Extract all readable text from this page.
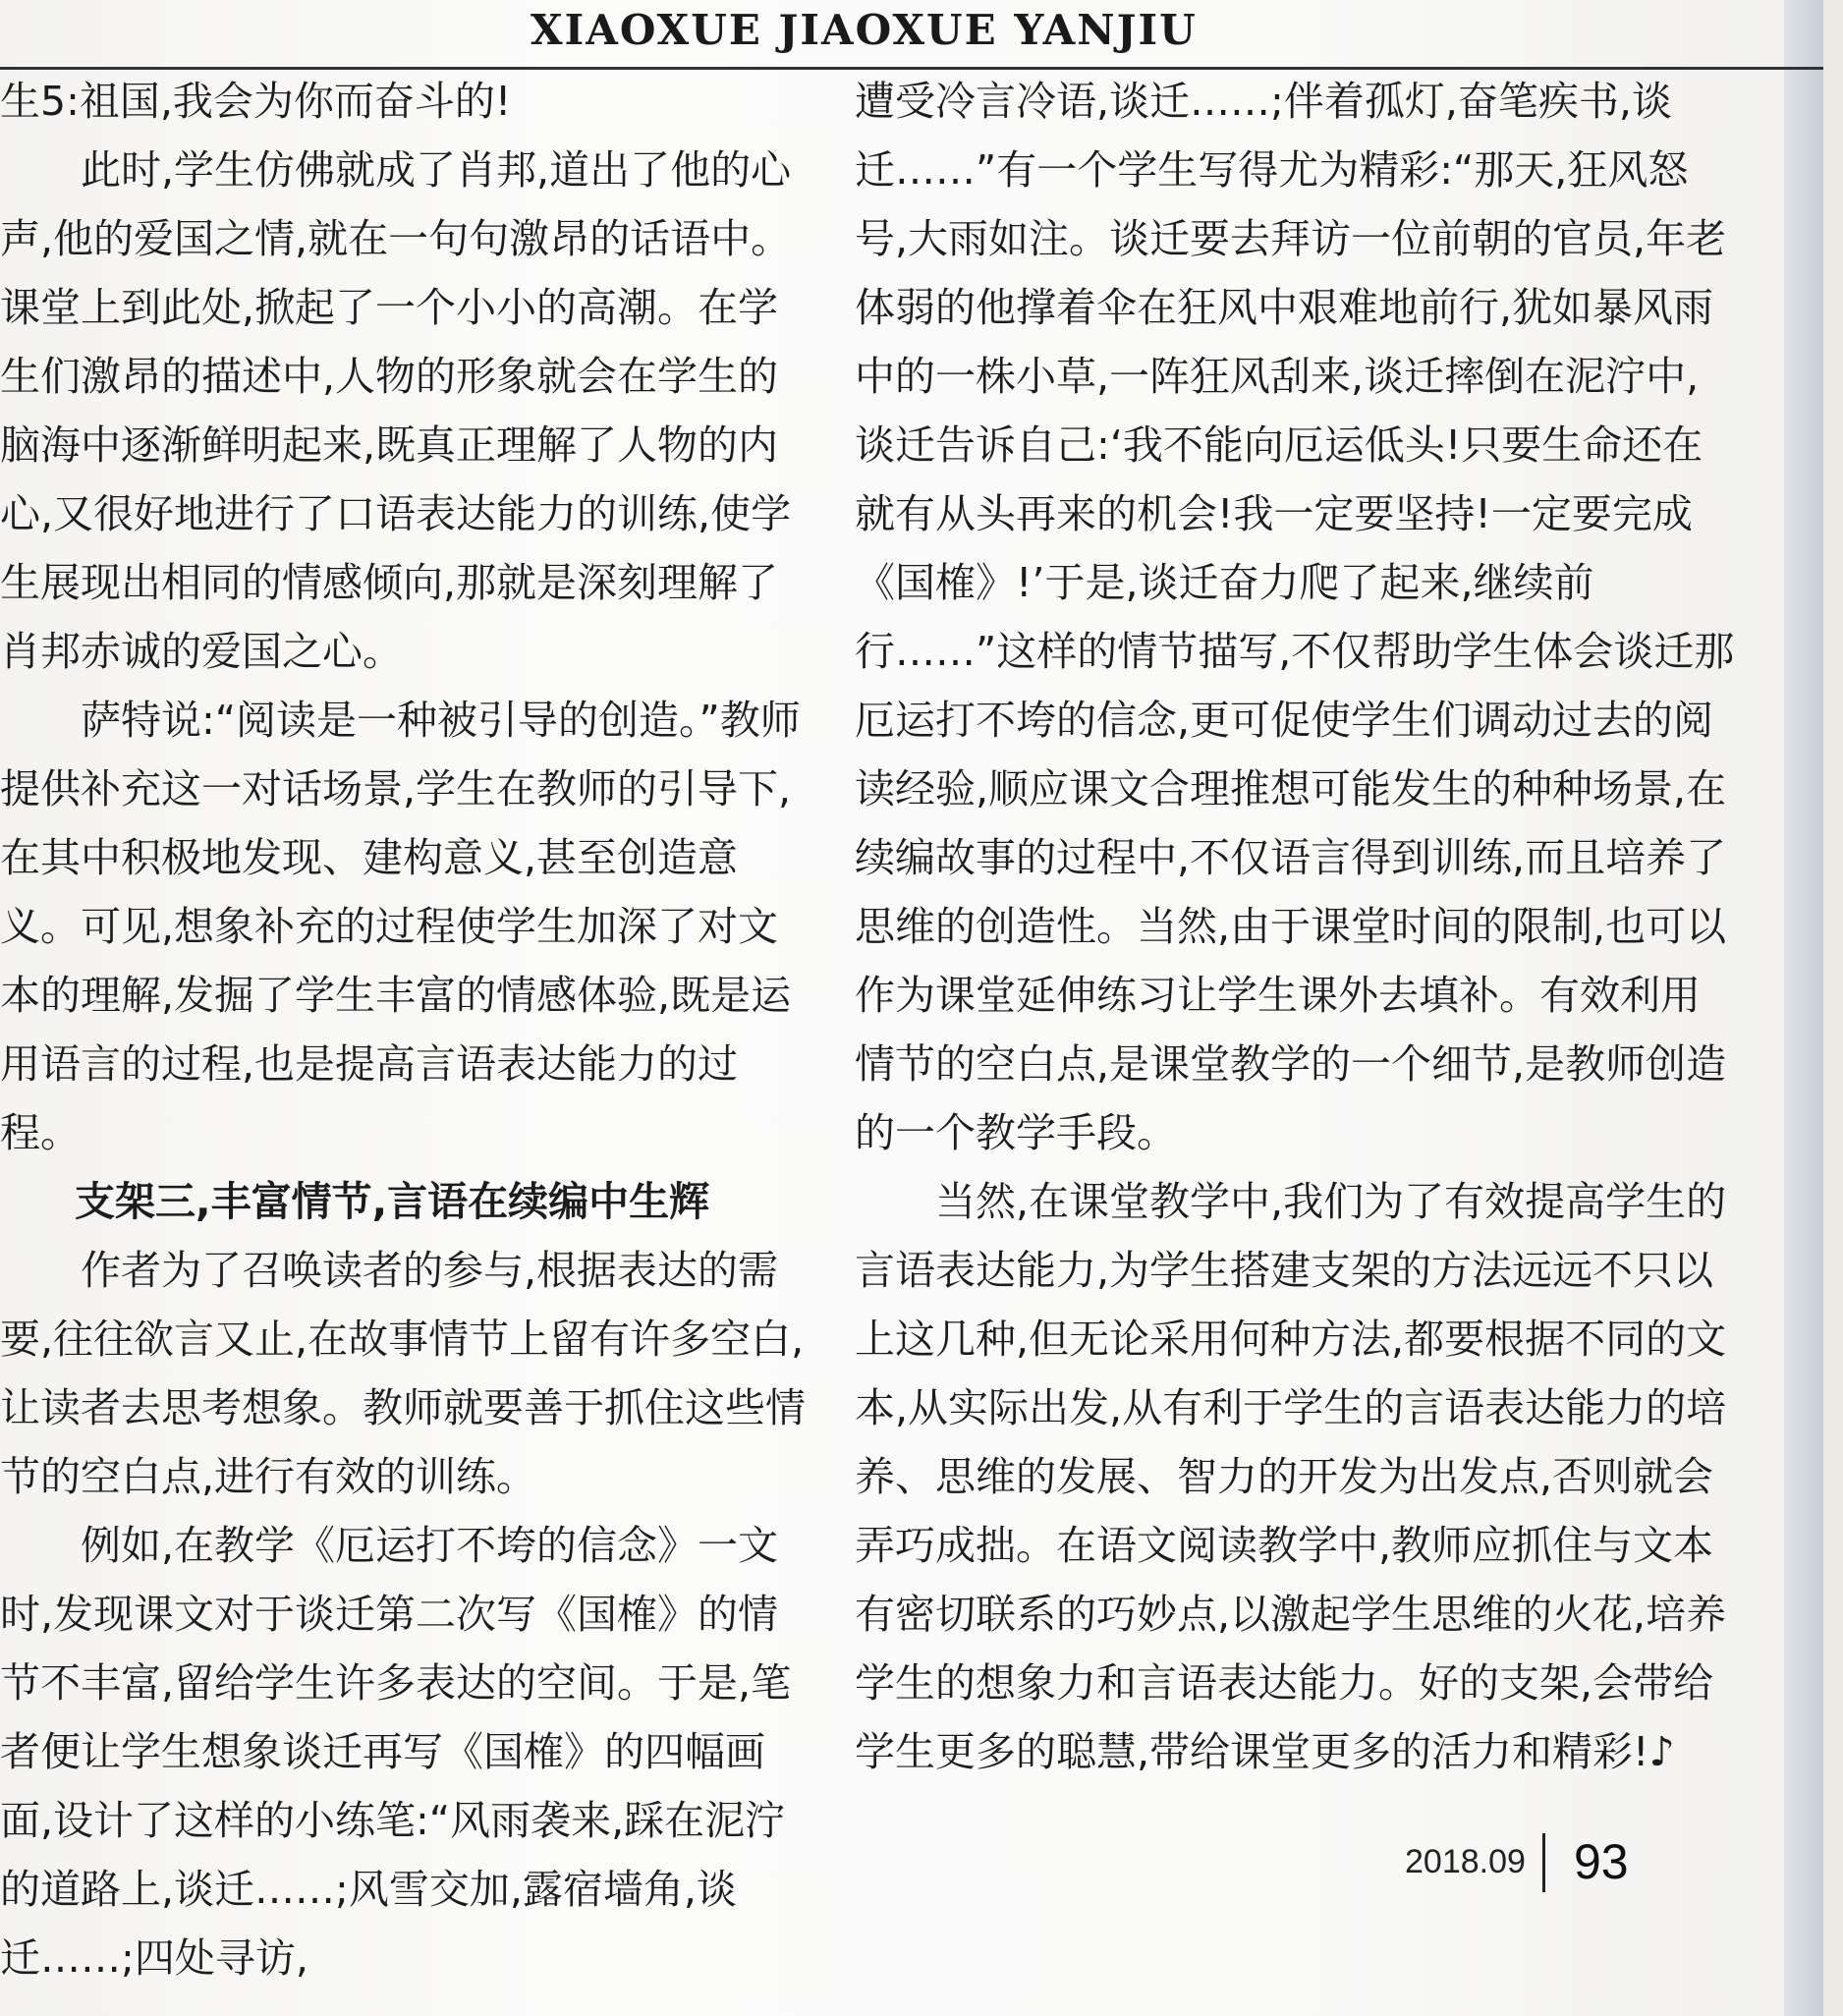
XIAOXUE JIAOXUE YANJIU

生5:祖国,我会为你而奋斗的!

此时,学生仿佛就成了肖邦,道出了他的心声,他的爱国之情,就在一句句激昂的话语中。课堂上到此处,掀起了一个小小的高潮。在学生们激昂的描述中,人物的形象就会在学生的脑海中逐渐鲜明起来,既真正理解了人物的内心,又很好地进行了口语表达能力的训练,使学生展现出相同的情感倾向,那就是深刻理解了肖邦赤诚的爱国之心。

萨特说:“阅读是一种被引导的创造。”教师提供补充这一对话场景,学生在教师的引导下,在其中积极地发现、建构意义,甚至创造意义。可见,想象补充的过程使学生加深了对文本的理解,发掘了学生丰富的情感体验,既是运用语言的过程,也是提高言语表达能力的过程。

支架三,丰富情节,言语在续编中生辉

作者为了召唤读者的参与,根据表达的需要,往往欲言又止,在故事情节上留有许多空白,让读者去思考想象。教师就要善于抓住这些情节的空白点,进行有效的训练。

例如,在教学《厄运打不垮的信念》一文时,发现课文对于谈迁第二次写《国榷》的情节不丰富,留给学生许多表达的空间。于是,笔者便让学生想象谈迁再写《国榷》的四幅画面,设计了这样的小练笔:“风雨袭来,踩在泥泞的道路上,谈迁……;风雪交加,露宿墙角,谈迁……;四处寻访,

遭受冷言冷语,谈迁……;伴着孤灯,奋笔疾书,谈迁……”有一个学生写得尤为精彩:“那天,狂风怒号,大雨如注。谈迁要去拜访一位前朝的官员,年老体弱的他撑着伞在狂风中艰难地前行,犹如暴风雨中的一株小草,一阵狂风刮来,谈迁摔倒在泥泞中,谈迁告诉自己:‘我不能向厄运低头!只要生命还在就有从头再来的机会!我一定要坚持!一定要完成《国榷》!’于是,谈迁奋力爬了起来,继续前行……”这样的情节描写,不仅帮助学生体会谈迁那厄运打不垮的信念,更可促使学生们调动过去的阅读经验,顺应课文合理推想可能发生的种种场景,在续编故事的过程中,不仅语言得到训练,而且培养了思维的创造性。当然,由于课堂时间的限制,也可以作为课堂延伸练习让学生课外去填补。有效利用情节的空白点,是课堂教学的一个细节,是教师创造的一个教学手段。

当然,在课堂教学中,我们为了有效提高学生的言语表达能力,为学生搭建支架的方法远远不只以上这几种,但无论采用何种方法,都要根据不同的文本,从实际出发,从有利于学生的言语表达能力的培养、思维的发展、智力的开发为出发点,否则就会弄巧成拙。在语文阅读教学中,教师应抓住与文本有密切联系的巧妙点,以激起学生思维的火花,培养学生的想象力和言语表达能力。好的支架,会带给学生更多的聪慧,带给课堂更多的活力和精彩!♪

2018.09 93
